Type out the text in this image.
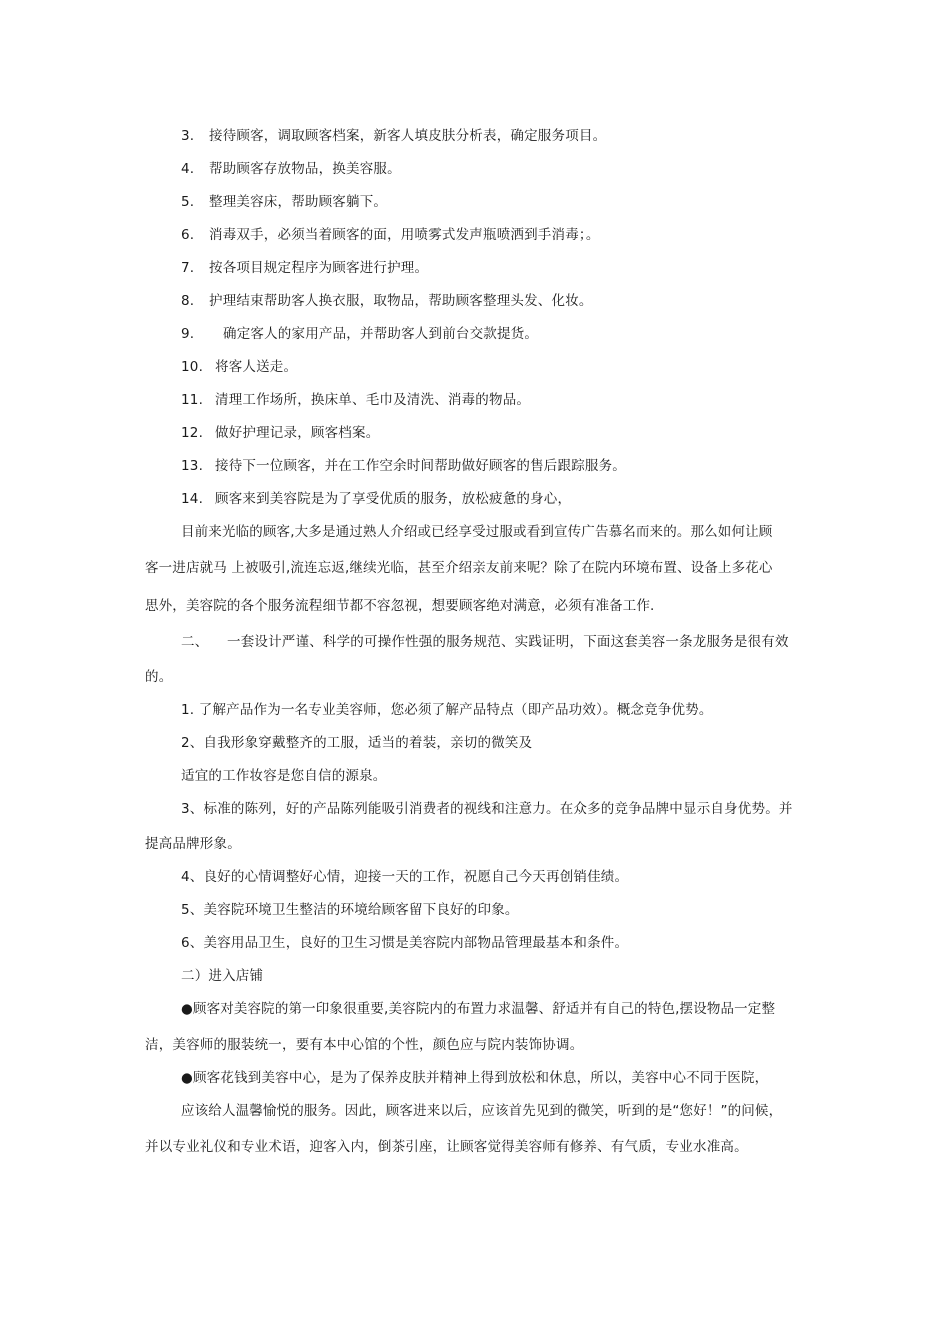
3. 接待顾客，调取顾客档案，新客人填皮肤分析表，确定服务项目。
4. 帮助顾客存放物品，换美容服。
5. 整理美容床，帮助顾客躺下。
6. 消毒双手，必须当着顾客的面，用喷雾式发声瓶喷洒到手消毒；。
7. 按各项目规定程序为顾客进行护理。
8. 护理结束帮助客人换衣服，取物品，帮助顾客整理头发、化妆。
9. 确定客人的家用产品，并帮助客人到前台交款提货。
10. 将客人送走。
11. 清理工作场所，换床单、毛巾及清洗、消毒的物品。
12. 做好护理记录，顾客档案。
13. 接待下一位顾客，并在工作空余时间帮助做好顾客的售后跟踪服务。
14. 顾客来到美容院是为了享受优质的服务，放松疲惫的身心，
目前来光临的顾客,大多是通过熟人介绍或已经享受过服或看到宣传广告慕名而来的。那么如何让顾
客一进店就马 上被吸引,流连忘返,继续光临，甚至介绍亲友前来呢？除了在院内环境布置、设备上多花心
思外，美容院的各个服务流程细节都不容忽视，想要顾客绝对满意，必须有准备工作.
二、 一套设计严谨、科学的可操作性强的服务规范、实践证明，下面这套美容一条龙服务是很有效
的。
1. 了解产品作为一名专业美容师，您必须了解产品特点（即产品功效）。概念竞争优势。
2、自我形象穿戴整齐的工服，适当的着装，亲切的微笑及
适宜的工作妆容是您自信的源泉。
3、标准的陈列，好的产品陈列能吸引消费者的视线和注意力。在众多的竞争品牌中显示自身优势。并
提高品牌形象。
4、良好的心情调整好心情，迎接一天的工作，祝愿自己今天再创销佳绩。
5、美容院环境卫生整洁的环境给顾客留下良好的印象。
6、美容用品卫生，良好的卫生习惯是美容院内部物品管理最基本和条件。
二）进入店铺
●顾客对美容院的第一印象很重要,美容院内的布置力求温馨、舒适并有自己的特色,摆设物品一定整
洁，美容师的服装统一，要有本中心馆的个性，颜色应与院内装饰协调。
●顾客花钱到美容中心，是为了保养皮肤并精神上得到放松和休息，所以，美容中心不同于医院，
应该给人温馨愉悦的服务。因此，顾客进来以后，应该首先见到的微笑，听到的是“您好！”的问候，
并以专业礼仪和专业术语，迎客入内，倒茶引座，让顾客觉得美容师有修养、有气质，专业水准高。
